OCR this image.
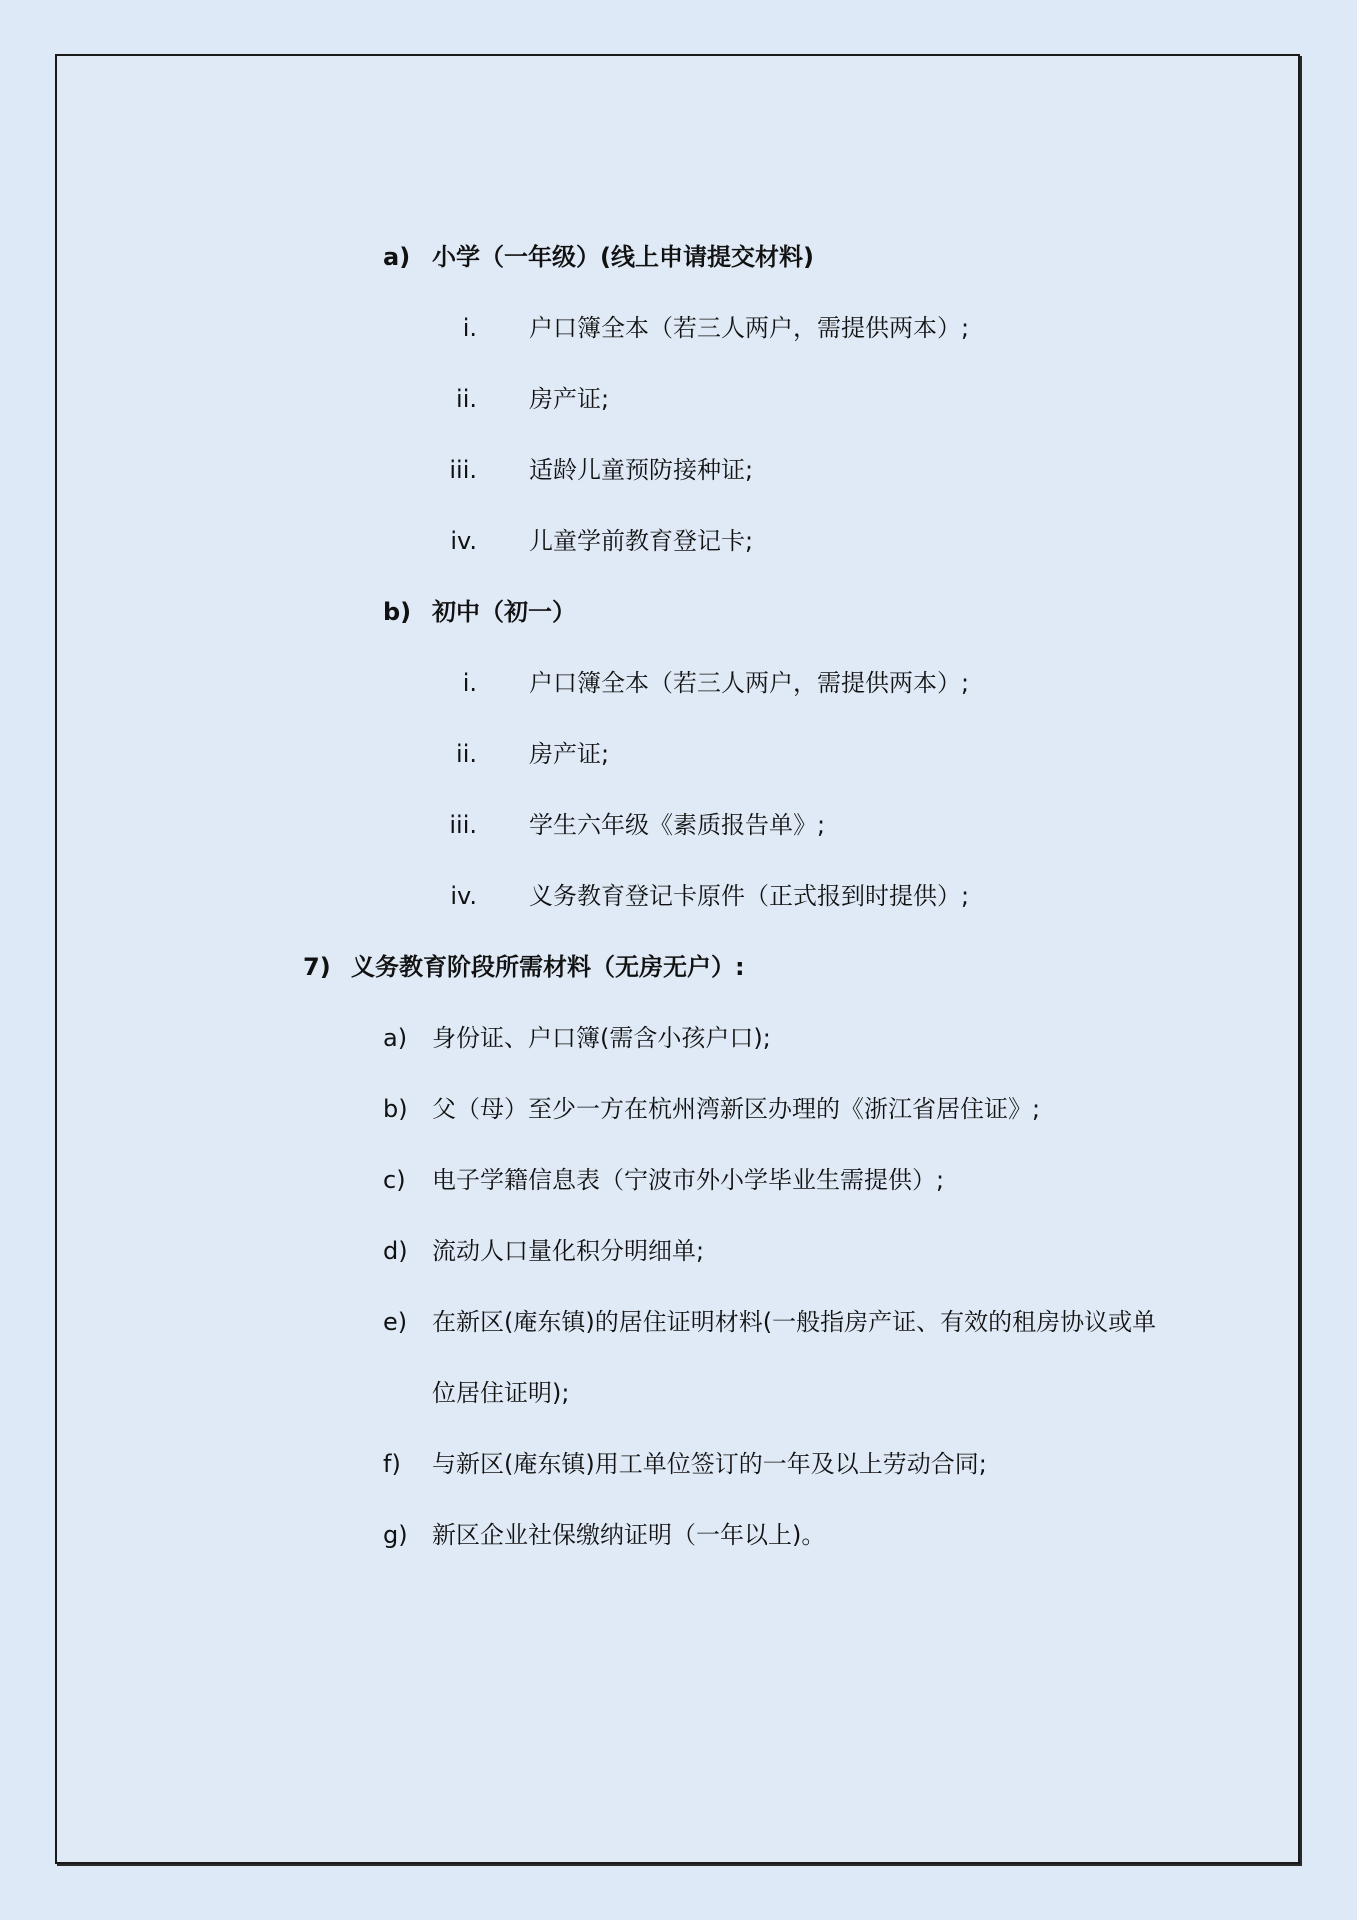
a) 小学（一年级）(线上申请提交材料)
i. 户口簿全本（若三人两户，需提供两本）;
ii. 房产证;
iii. 适龄儿童预防接种证;
iv. 儿童学前教育登记卡;
b) 初中（初一）
i. 户口簿全本（若三人两户，需提供两本）;
ii. 房产证;
iii. 学生六年级《素质报告单》;
iv. 义务教育登记卡原件（正式报到时提供）;
7) 义务教育阶段所需材料（无房无户）:
a) 身份证、户口簿(需含小孩户口);
b) 父（母）至少一方在杭州湾新区办理的《浙江省居住证》;
c) 电子学籍信息表（宁波市外小学毕业生需提供）;
d) 流动人口量化积分明细单;
e) 在新区(庵东镇)的居住证明材料(一般指房产证、有效的租房协议或单
位居住证明);
f) 与新区(庵东镇)用工单位签订的一年及以上劳动合同;
g) 新区企业社保缴纳证明（一年以上)。
